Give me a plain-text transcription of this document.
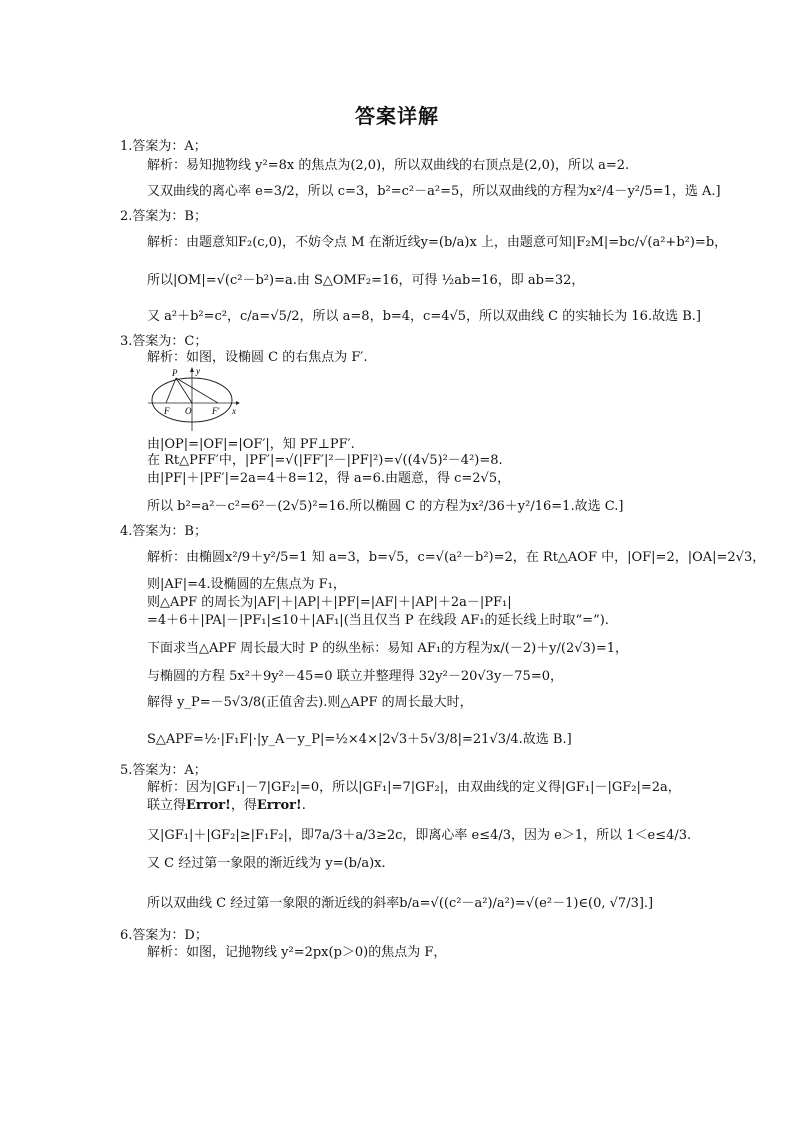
答案详解
1.答案为：A；
解析：易知抛物线 y²=8x 的焦点为(2,0)，所以双曲线的右顶点是(2,0)，所以 a=2.
又双曲线的离心率 e=3/2，所以 c=3，b²=c²－a²=5，所以双曲线的方程为x²/4－y²/5=1，选 A.]
2.答案为：B；
解析：由题意知F₂(c,0)，不妨令点 M 在渐近线y=(b/a)x 上，由题意可知|F₂M|=bc/√(a²+b²)=b，
所以|OM|=√(c²－b²)=a.由 S△OMF₂=16，可得 ½ab=16，即 ab=32，
又 a²＋b²=c²，c/a=√5/2，所以 a=8，b=4，c=4√5，所以双曲线 C 的实轴长为 16.故选 B.]
3.答案为：C；
解析：如图，设椭圆 C 的右焦点为 F′.
P y
F O F′ x
由|OP|=|OF|=|OF′|，知 PF⊥PF′.
在 Rt△PFF′中，|PF′|=√(|FF′|²－|PF|²)=√((4√5)²－4²)=8.
由|PF|＋|PF′|=2a=4＋8=12，得 a=6.由题意，得 c=2√5，
所以 b²=a²－c²=6²－(2√5)²=16.所以椭圆 C 的方程为x²/36＋y²/16=1.故选 C.]
4.答案为：B；
解析：由椭圆x²/9＋y²/5=1 知 a=3，b=√5，c=√(a²－b²)=2，在 Rt△AOF 中，|OF|=2，|OA|=2√3，
则|AF|=4.设椭圆的左焦点为 F₁，
则△APF 的周长为|AF|＋|AP|＋|PF|=|AF|＋|AP|＋2a－|PF₁|
=4＋6＋|PA|－|PF₁|≤10＋|AF₁|(当且仅当 P 在线段 AF₁的延长线上时取“=”).
下面求当△APF 周长最大时 P 的纵坐标：易知 AF₁的方程为x/(－2)＋y/(2√3)=1，
与椭圆的方程 5x²＋9y²－45=0 联立并整理得 32y²－20√3y－75=0，
解得 y_P=－5√3/8(正值舍去).则△APF 的周长最大时，
S△APF=½·|F₁F|·|y_A－y_P|=½×4×|2√3＋5√3/8|=21√3/4.故选 B.]
5.答案为：A；
解析：因为|GF₁|－7|GF₂|=0，所以|GF₁|=7|GF₂|，由双曲线的定义得|GF₁|－|GF₂|=2a，
联立得Error!，得Error!.
又|GF₁|＋|GF₂|≥|F₁F₂|，即7a/3＋a/3≥2c，即离心率 e≤4/3，因为 e＞1，所以 1＜e≤4/3.
又 C 经过第一象限的渐近线为 y=(b/a)x.
所以双曲线 C 经过第一象限的渐近线的斜率b/a=√((c²－a²)/a²)=√(e²－1)∈(0, √7/3].]
6.答案为：D；
解析：如图，记抛物线 y²=2px(p＞0)的焦点为 F，
